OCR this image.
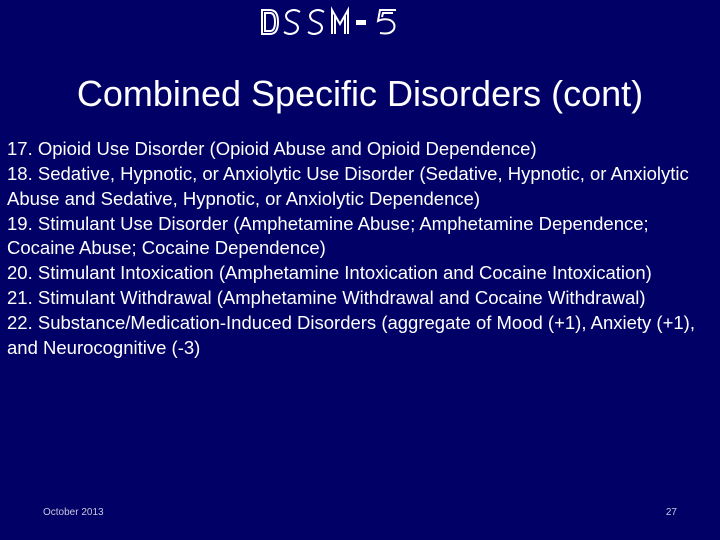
Combined Specific Disorders (cont)
17. Opioid Use Disorder (Opioid Abuse and Opioid Dependence)
18. Sedative, Hypnotic, or Anxiolytic Use Disorder (Sedative, Hypnotic, or Anxiolytic Abuse and Sedative, Hypnotic, or Anxiolytic Dependence)
19. Stimulant Use Disorder (Amphetamine Abuse; Amphetamine Dependence; Cocaine Abuse; Cocaine Dependence)
20. Stimulant Intoxication (Amphetamine Intoxication and Cocaine Intoxication)
21. Stimulant Withdrawal (Amphetamine Withdrawal and Cocaine Withdrawal)
22. Substance/Medication-Induced Disorders (aggregate of Mood (+1), Anxiety (+1), and Neurocognitive (-3)
October 2013	27
